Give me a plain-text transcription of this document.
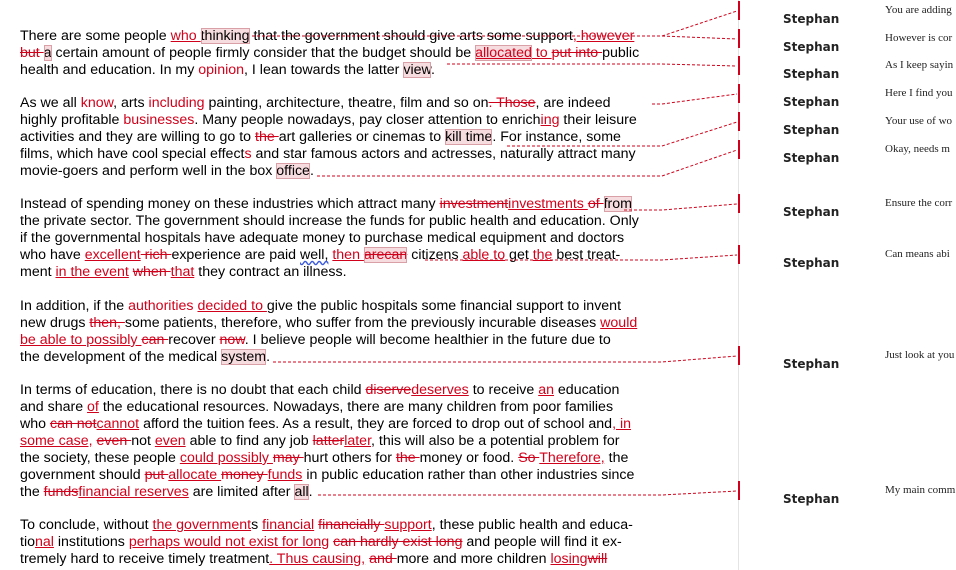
There are some people who thinking that the government should give arts some support, however
but a certain amount of people firmly consider that the budget should be allocated to put into public
health and education. In my opinion, I lean towards the latter view.
As we all know, arts including painting, architecture, theatre, film and so on. Those, are indeed
highly profitable businesses. Many people nowadays, pay closer attention to enriching their leisure
activities and they are willing to go to the art galleries or cinemas to kill time. For instance, some
films, which have cool special effects and star famous actors and actresses, naturally attract many
movie-goers and perform well in the box office.
Instead of spending money on these industries which attract many investmentinvestments of from
the private sector. The government should increase the funds for public health and education. Only
if the governmental hospitals have adequate money to purchase medical equipment and doctors
who have excellent rich experience are paid well, then arecan citizens able to get the best treat-
ment in the event when that they contract an illness.
In addition, if the authorities decided to give the public hospitals some financial support to invent
new drugs then, some patients, therefore, who suffer from the previously incurable diseases would
be able to possibly can recover now. I believe people will become healthier in the future due to
the development of the medical system.
In terms of education, there is no doubt that each child diservedeserves to receive an education
and share of the educational resources. Nowadays, there are many children from poor families
who can notcannot afford the tuition fees. As a result, they are forced to drop out of school and, in
some case, even not even able to find any job latterlater, this will also be a potential problem for
the society, these people could possibly may hurt others for the money or food. So Therefore, the
government should put allocate money funds in public education rather than other industries since
the fundsfinancial reserves are limited after all.
To conclude, without the governments financial financially support, these public health and educa-
tional institutions perhaps would not exist for long can hardly exist long and people will find it ex-
tremely hard to receive timely treatment. Thus causing, and more and more children losingwill
Stephan
You are adding
Stephan
However is cor
Stephan
As I keep sayin
Stephan
Here I find you
Stephan
Your use of wo
Stephan
Okay, needs m
Stephan
Ensure the corr
Stephan
Can means abi
Stephan
Just look at you
Stephan
My main comm
